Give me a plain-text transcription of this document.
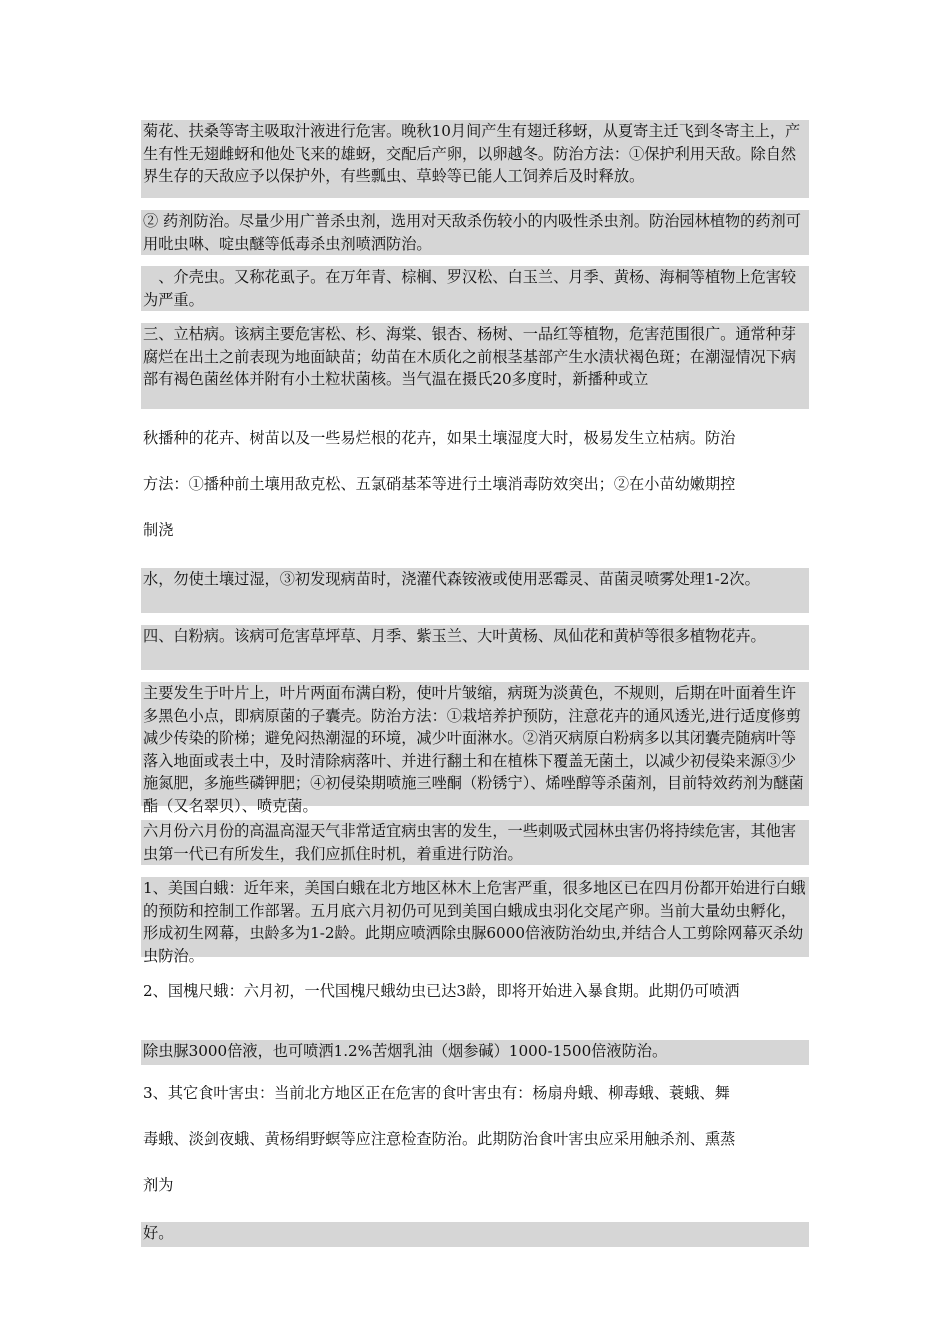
菊花、扶桑等寄主吸取汁液进行危害。晚秋10月间产生有翅迁移蚜，从夏寄主迁飞到冬寄主上，产生有性无翅雌蚜和他处飞来的雄蚜，交配后产卵，以卵越冬。防治方法：①保护利用天敌。除自然界生存的天敌应予以保护外，有些瓢虫、草蛉等已能人工饲养后及时释放。

② 药剂防治。尽量少用广普杀虫剂，选用对天敌杀伤较小的内吸性杀虫剂。防治园林植物的药剂可用吡虫啉、啶虫醚等低毒杀虫剂喷洒防治。

　、介壳虫。又称花虱子。在万年青、棕榈、罗汉松、白玉兰、月季、黄杨、海桐等植物上危害较为严重。

三、立枯病。该病主要危害松、杉、海棠、银杏、杨树、一品红等植物，危害范围很广。通常种芽腐烂在出土之前表现为地面缺苗；幼苗在木质化之前根茎基部产生水渍状褐色斑；在潮湿情况下病部有褐色菌丝体并附有小土粒状菌核。当气温在摄氏20多度时，新播种或立

秋播种的花卉、树苗以及一些易烂根的花卉，如果土壤湿度大时，极易发生立枯病。防治

方法：①播种前土壤用敌克松、五氯硝基苯等进行土壤消毒防效突出；②在小苗幼嫩期控

制浇

水，勿使土壤过湿，③初发现病苗时，浇灌代森铵液或使用恶霉灵、苗菌灵喷雾处理1-2次。

四、白粉病。该病可危害草坪草、月季、紫玉兰、大叶黄杨、凤仙花和黄栌等很多植物花卉。

主要发生于叶片上，叶片两面布满白粉，使叶片皱缩，病斑为淡黄色，不规则，后期在叶面着生许多黑色小点，即病原菌的子囊壳。防治方法：①栽培养护预防，注意花卉的通风透光,进行适度修剪减少传染的阶梯；避免闷热潮湿的环境，减少叶面淋水。②消灭病原白粉病多以其闭囊壳随病叶等落入地面或表土中，及时清除病落叶、并进行翻土和在植株下覆盖无菌土，以减少初侵染来源③少施氮肥，多施些磷钾肥；④初侵染期喷施三唑酮（粉锈宁）、烯唑醇等杀菌剂，目前特效药剂为醚菌酯（又名翠贝）、喷克菌。

六月份六月份的高温高湿天气非常适宜病虫害的发生，一些刺吸式园林虫害仍将持续危害，其他害虫第一代已有所发生，我们应抓住时机，着重进行防治。

1、美国白蛾：近年来，美国白蛾在北方地区林木上危害严重，很多地区已在四月份都开始进行白蛾的预防和控制工作部署。五月底六月初仍可见到美国白蛾成虫羽化交尾产卵。当前大量幼虫孵化，形成初生网幕，虫龄多为1-2龄。此期应喷洒除虫脲6000倍液防治幼虫,并结合人工剪除网幕灭杀幼虫防治。

2、国槐尺蛾：六月初，一代国槐尺蛾幼虫已达3龄，即将开始进入暴食期。此期仍可喷洒

除虫脲3000倍液，也可喷洒1.2%苦烟乳油（烟参碱）1000-1500倍液防治。

3、其它食叶害虫：当前北方地区正在危害的食叶害虫有：杨扇舟蛾、柳毒蛾、蓑蛾、舞

毒蛾、淡剑夜蛾、黄杨绢野螟等应注意检查防治。此期防治食叶害虫应采用触杀剂、熏蒸

剂为

好。
